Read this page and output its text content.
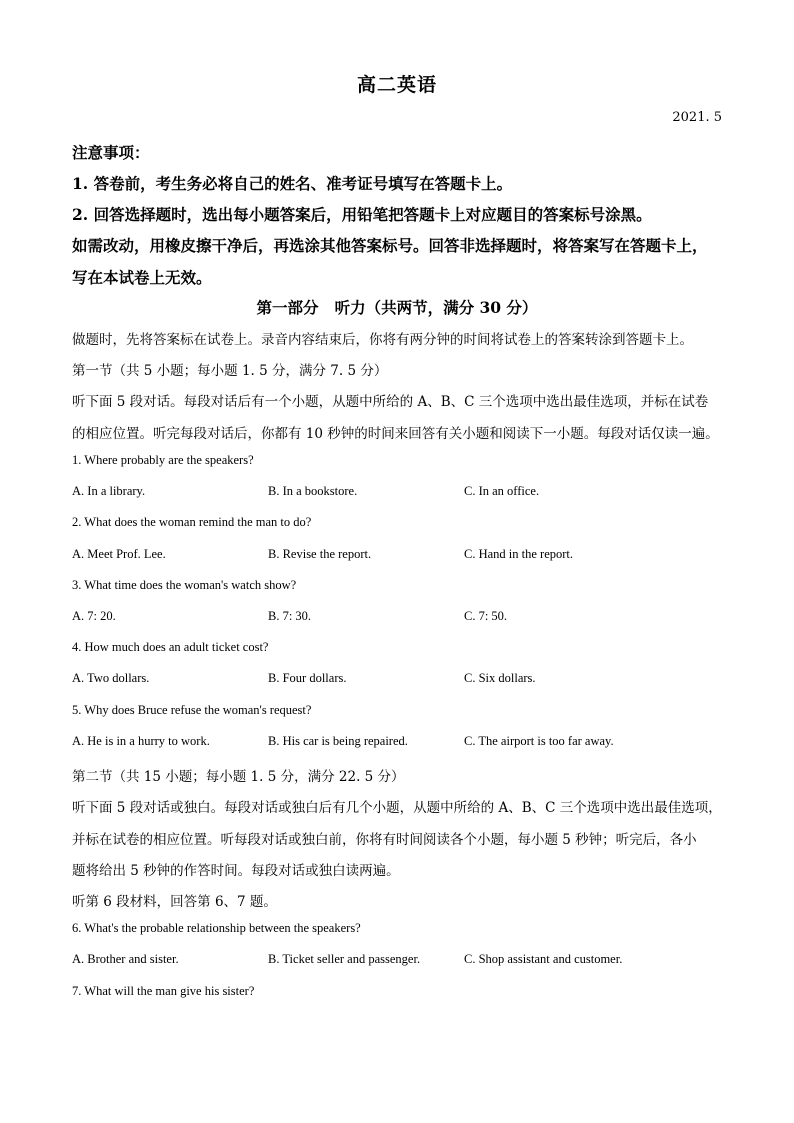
高二英语
2021. 5
注意事项：
1. 答卷前，考生务必将自己的姓名、准考证号填写在答题卡上。
2. 回答选择题时，选出每小题答案后，用铅笔把答题卡上对应题目的答案标号涂黑。
如需改动，用橡皮擦干净后，再选涂其他答案标号。回答非选择题时，将答案写在答题卡上，
写在本试卷上无效。
第一部分 听力（共两节，满分 30 分）
做题时，先将答案标在试卷上。录音内容结束后，你将有两分钟的时间将试卷上的答案转涂到答题卡上。
第一节（共 5 小题；每小题 1. 5 分，满分 7. 5 分）
听下面 5 段对话。每段对话后有一个小题，从题中所给的 A、B、C 三个选项中选出最佳选项，并标在试卷
的相应位置。听完每段对话后，你都有 10 秒钟的时间来回答有关小题和阅读下一小题。每段对话仅读一遍。
1. Where probably are the speakers?
A. In a library.	B. In a bookstore.	C. In an office.
2. What does the woman remind the man to do?
A. Meet Prof. Lee.	B. Revise the report.	C. Hand in the report.
3. What time does the woman's watch show?
A. 7: 20.	B. 7: 30.	C. 7: 50.
4. How much does an adult ticket cost?
A. Two dollars.	B. Four dollars.	C. Six dollars.
5. Why does Bruce refuse the woman's request?
A. He is in a hurry to work.	B. His car is being repaired.	C. The airport is too far away.
第二节（共 15 小题；每小题 1. 5 分，满分 22. 5 分）
听下面 5 段对话或独白。每段对话或独白后有几个小题，从题中所给的 A、B、C 三个选项中选出最佳选项，
并标在试卷的相应位置。听每段对话或独白前，你将有时间阅读各个小题，每小题 5 秒钟；听完后，各小
题将给出 5 秒钟的作答时间。每段对话或独白读两遍。
听第 6 段材料，回答第 6、7 题。
6. What's the probable relationship between the speakers?
A. Brother and sister.	B. Ticket seller and passenger.	C. Shop assistant and customer.
7. What will the man give his sister?
